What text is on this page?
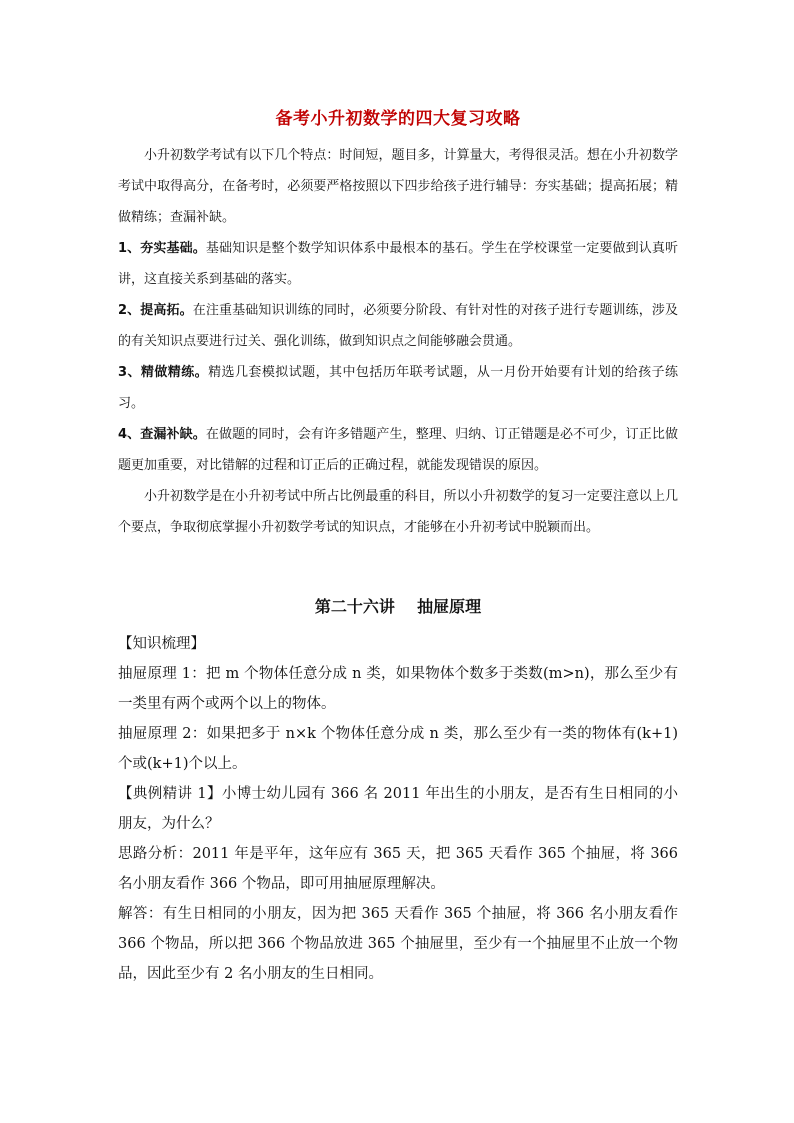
备考小升初数学的四大复习攻略

小升初数学考试有以下几个特点：时间短，题目多，计算量大，考得很灵活。想在小升初数学考试中取得高分，在备考时，必须要严格按照以下四步给孩子进行辅导：夯实基础；提高拓展；精做精练；查漏补缺。

1、夯实基础。基础知识是整个数学知识体系中最根本的基石。学生在学校课堂一定要做到认真听讲，这直接关系到基础的落实。

2、提高拓。在注重基础知识训练的同时，必须要分阶段、有针对性的对孩子进行专题训练，涉及的有关知识点要进行过关、强化训练，做到知识点之间能够融会贯通。

3、精做精练。精选几套模拟试题，其中包括历年联考试题，从一月份开始要有计划的给孩子练习。

4、查漏补缺。在做题的同时，会有许多错题产生，整理、归纳、订正错题是必不可少，订正比做题更加重要，对比错解的过程和订正后的正确过程，就能发现错误的原因。

小升初数学是在小升初考试中所占比例最重的科目，所以小升初数学的复习一定要注意以上几个要点，争取彻底掌握小升初数学考试的知识点，才能够在小升初考试中脱颖而出。

第二十六讲    抽屉原理

【知识梳理】

抽屉原理 1：把 m 个物体任意分成 n 类，如果物体个数多于类数(m>n)，那么至少有一类里有两个或两个以上的物体。

抽屉原理 2：如果把多于 n×k 个物体任意分成 n 类，那么至少有一类的物体有(k+1)个或(k+1)个以上。

【典例精讲 1】小博士幼儿园有 366 名 2011 年出生的小朋友，是否有生日相同的小朋友，为什么？

思路分析：2011 年是平年，这年应有 365 天，把 365 天看作 365 个抽屉，将 366 名小朋友看作 366 个物品，即可用抽屉原理解决。

解答：有生日相同的小朋友，因为把 365 天看作 365 个抽屉，将 366 名小朋友看作 366 个物品，所以把 366 个物品放进 365 个抽屉里，至少有一个抽屉里不止放一个物品，因此至少有 2 名小朋友的生日相同。
